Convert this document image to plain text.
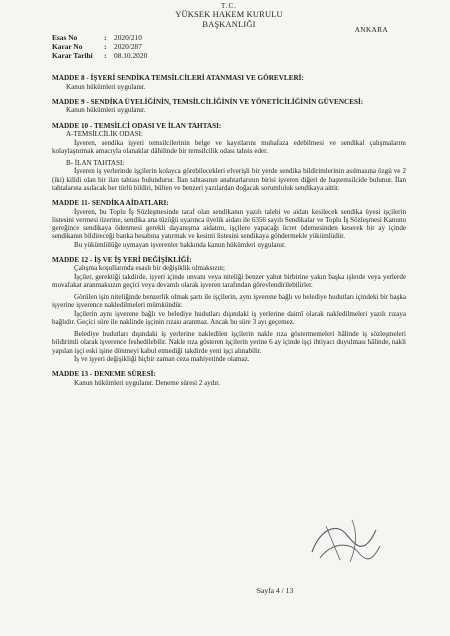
T.C.
YÜKSEK HAKEM KURULU
BAŞKANLIĞI
ANKARA
Esas No	:	2020/210
Karar No	:	2020/287
Karar Tarihi	:	08.10.2020
MADDE 8 - İŞYERİ SENDİKA TEMSİLCİLERİ ATANMASI VE GÖREVLERİ:

Kanun hükümleri uygulanır.

MADDE 9 - SENDİKA ÜYELİĞİNİN, TEMSİLCİLİĞİNİN VE YÖNETİCİLİĞİNİN GÜVENCESİ:

Kanun hükümleri uygulanır.

MADDE 10 - TEMSİLCİ ODASI VE İLAN TAHTASI:
A-TEMSİLCİLİK ODASI:

İşveren, sendika işyeri temsilcilerinin belge ve kayıtlarını muhafaza edebilmesi ve sendikal çalışmalarını kolaylaştırmak amacıyla olanaklar dâhilinde bir temsilcilik odası tahsis eder.

B- İLAN TAHTASI:

İşveren iş yerlerinde işçilerin kolayca görebilecekleri elverişli bir yerde sendika bildirimlerinin asılmasına özgü ve 2 (iki) kilidi olan bir ilan tahtası bulundurur. İlan tahtasının anahtarlarının birisi işveren diğeri de baştemsilcide bulunur. İlan tahtalarına asılacak her türlü bildiri, bülten ve benzeri yazılardan doğacak sorumluluk sendikaya aittir.

MADDE 11- SENDİKA AİDATLARI:

İşveren, bu Toplu İş Sözleşmesinde taraf olan sendikanın yazılı talebi ve aidatı kesilecek sendika üyesi işçilerin listesini vermesi üzerine, sendika ana tüzüğü uyarınca üyelik aidatı ile 6356 sayılı Sendikalar ve Toplu İş Sözleşmesi Kanunu gereğince sendikaya ödenmesi gerekli dayanışma aidatını, işçilere yapacağı ücret ödemesinden keserek bir ay içinde sendikanın bildireceği banka hesabına yatırmak ve kesinti listesini sendikaya göndermekle yükümlüdür.

Bu yükümlülüğe uymayan işverenler hakkında kanun hükümleri uygulanır.

MADDE 12 - İŞ VE İŞ YERİ DEĞİŞİKLİĞİ:

Çalışma koşullarında esaslı bir değişiklik olmaksızın;

İşçiler, gerektiği takdirde, işyeri içinde unvanı veya niteliği benzer yahut birbirine yakın başka işlerde veya yerlerde muvafakat aranmaksızın geçici veya devamlı olarak işveren tarafından görevlendirilebilirler.

Görülen işin niteliğinde benzerlik olmak şartı ile işçilerin, aynı işverene bağlı ve belediye hudutları içindeki bir başka işyerine işverence nakledilmeleri mümkündür.

İşçilerin aynı işverene bağlı ve belediye hudutları dışındaki iş yerlerine daimî olarak nakledilmeleri yazılı rızaya bağlıdır. Geçici süre ile naklinde işçinin rızası aranmaz. Ancak bu süre 3 ayı geçemez.

Belediye hudutları dışındaki iş yerlerine nakledilen işçilerin nakle rıza göstermemeleri hâlinde iş sözleşmeleri bildirimli olarak işverence feshedilebilir. Nakle rıza gösteren işçilerin yerine 6 ay içinde işçi ihtiyacı duyulması hâlinde, nakli yapılan işçi eski işine dönmeyi kabul etmediği takdirde yeni işçi alınabilir.

İş ve işyeri değişikliği hiçbir zaman ceza mahiyetinde olamaz.

MADDE 13 - DENEME SÜRESİ:

Kanun hükümleri uygulanır. Deneme süresi 2 aydır.

Sayfa 4 / 13
